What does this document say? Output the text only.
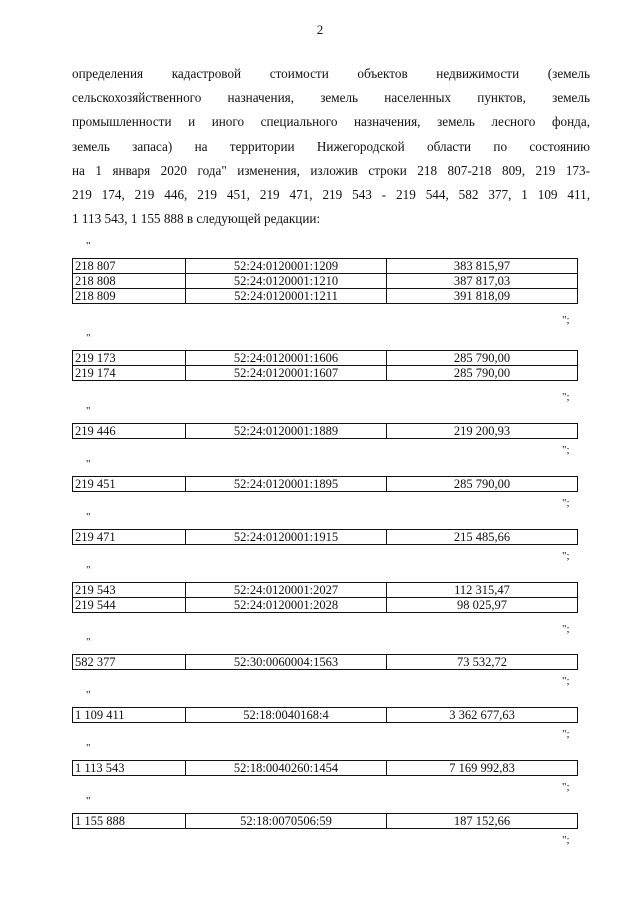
2
определения кадастровой стоимости объектов недвижимости (земель
сельскохозяйственного назначения, земель населенных пунктов, земель
промышленности и иного специального назначения, земель лесного фонда,
земель запаса) на территории Нижегородской области по состоянию
на 1 января 2020 года" изменения, изложив строки 218 807-218 809, 219 173-
219 174, 219 446, 219 451, 219 471, 219 543 - 219 544, 582 377, 1 109 411,
1 113 543, 1 155 888 в следующей редакции:
"
218 807	52:24:0120001:1209	383 815,97
218 808	52:24:0120001:1210	387 817,03
218 809	52:24:0120001:1211	391 818,09
";
"
219 173	52:24:0120001:1606	285 790,00
219 174	52:24:0120001:1607	285 790,00
";
"
219 446	52:24:0120001:1889	219 200,93
";
"
219 451	52:24:0120001:1895	285 790,00
";
"
219 471	52:24:0120001:1915	215 485,66
";
"
219 543	52:24:0120001:2027	112 315,47
219 544	52:24:0120001:2028	98 025,97
";
"
582 377	52:30:0060004:1563	73 532,72
";
"
1 109 411	52:18:0040168:4	3 362 677,63
";
"
1 113 543	52:18:0040260:1454	7 169 992,83
";
"
1 155 888	52:18:0070506:59	187 152,66
";
